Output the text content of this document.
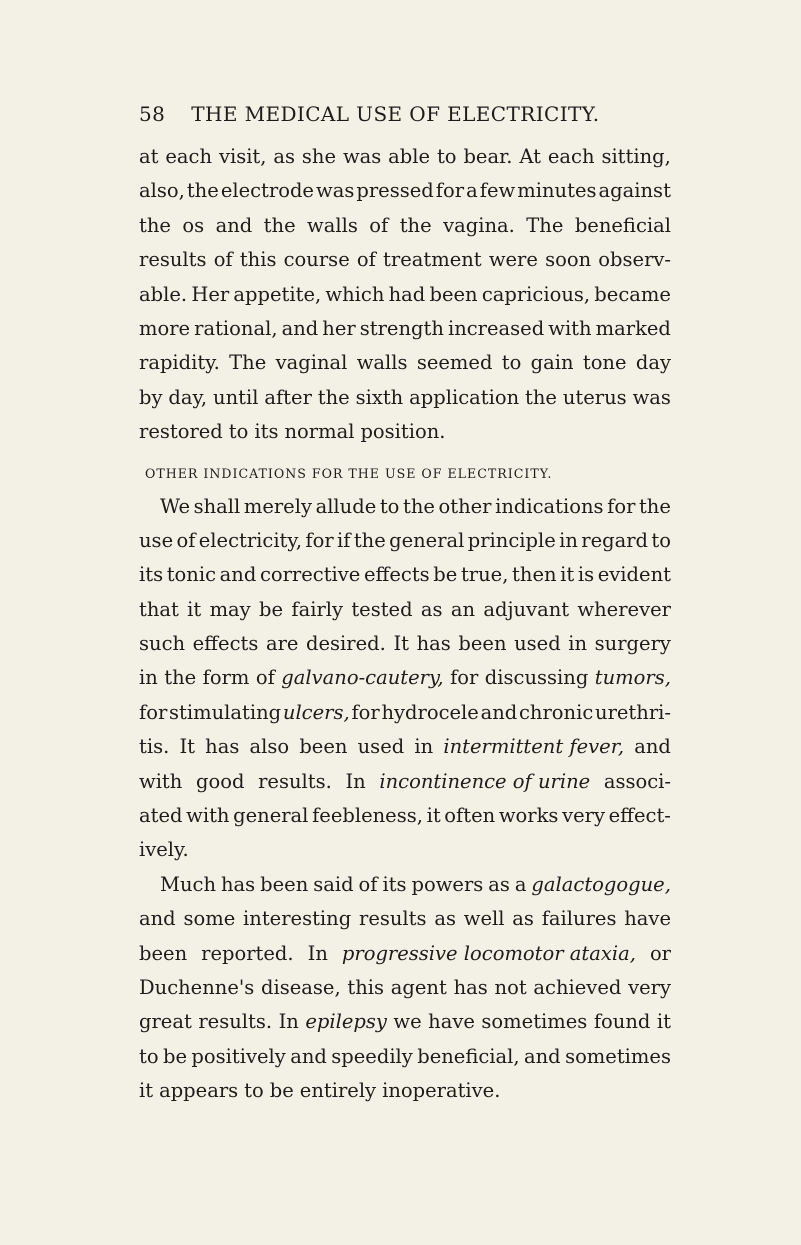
58 THE MEDICAL USE OF ELECTRICITY.
at each visit, as she was able to bear. At each sitting,
also, the electrode was pressed for a few minutes against
the os and the walls of the vagina. The beneficial
results of this course of treatment were soon observ-
able. Her appetite, which had been capricious, became
more rational, and her strength increased with marked
rapidity. The vaginal walls seemed to gain tone day
by day, until after the sixth application the uterus was
restored to its normal position.
OTHER INDICATIONS FOR THE USE OF ELECTRICITY.
We shall merely allude to the other indications for the
use of electricity, for if the general principle in regard to
its tonic and corrective effects be true, then it is evident
that it may be fairly tested as an adjuvant wherever
such effects are desired. It has been used in surgery
in the form of galvano-cautery, for discussing tumors,
for stimulating ulcers, for hydrocele and chronic urethri-
tis. It has also been used in intermittent fever, and
with good results. In incontinence of urine associ-
ated with general feebleness, it often works very effect-
ively.
Much has been said of its powers as a galactogogue,
and some interesting results as well as failures have
been reported. In progressive locomotor ataxia, or
Duchenne's disease, this agent has not achieved very
great results. In epilepsy we have sometimes found it
to be positively and speedily beneficial, and sometimes
it appears to be entirely inoperative.
